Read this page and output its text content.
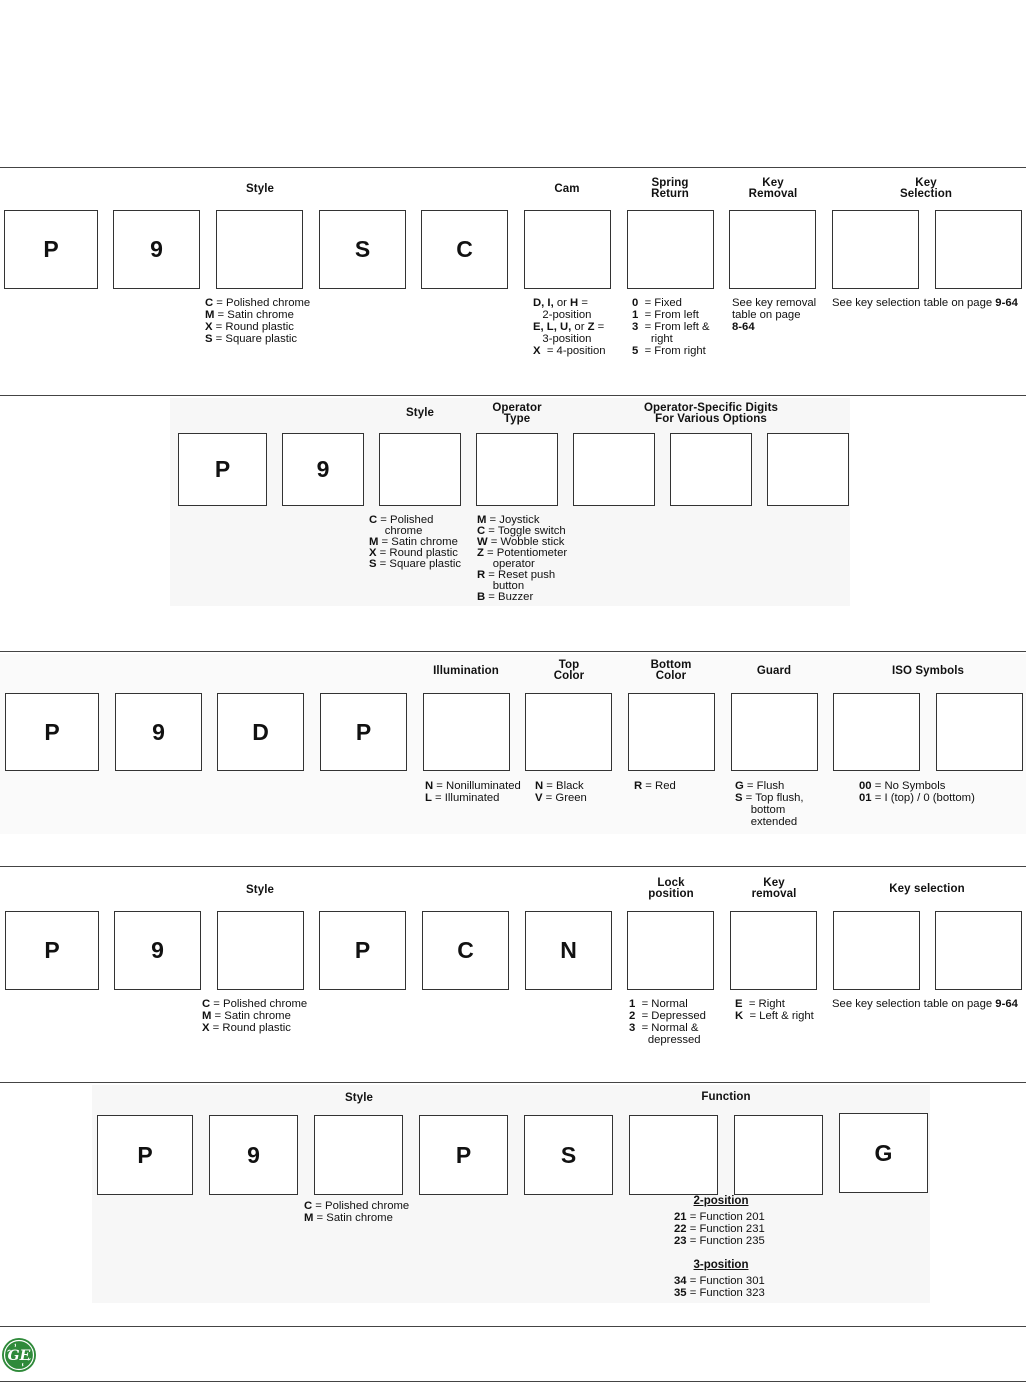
Style	Cam	Spring
Return
Key
Removal
Key
Selection
P	9	S	C
C = Polished chrome
M = Satin chrome
X = Round plastic
S = Square plastic
D, I, or H =
2-position
E, L, U, or Z =
3-position
X = 4-position
0 = Fixed
1 = From left
3 = From left &
right
5 = From right
See key removal
table on page
8-64
See key selection table on page 9-64
Style	Operator
Type
Operator-Specific Digits
For Various Options
P	9
C = Polished
chrome
M = Satin chrome
X = Round plastic
S = Square plastic
M = Joystick
C = Toggle switch
W = Wobble stick
Z = Potentiometer
operator
R = Reset push
button
B = Buzzer
Illumination	Top
Color
Bottom
Color	Guard	ISO Symbols
P	9	D	P
N = Nonilluminated
L = Illuminated
N = Black
V = Green
R = Red	G = Flush
S = Top flush,
bottom
extended
00 = No Symbols
01 = I (top) / 0 (bottom)
Style
Lock
position
Key
removal	Key selection
P	9	P	C	N
C = Polished chrome
M = Satin chrome
X = Round plastic
1 = Normal
2 = Depressed
3 = Normal &
depressed
E = Right
K = Left & right
See key selection table on page 9-64
Style	Function
P	9	P	S	G
C = Polished chrome
M = Satin chrome
2-position
21 = Function 201
22 = Function 231
23 = Function 235
3-position
34 = Function 301
35 = Function 323
GE
